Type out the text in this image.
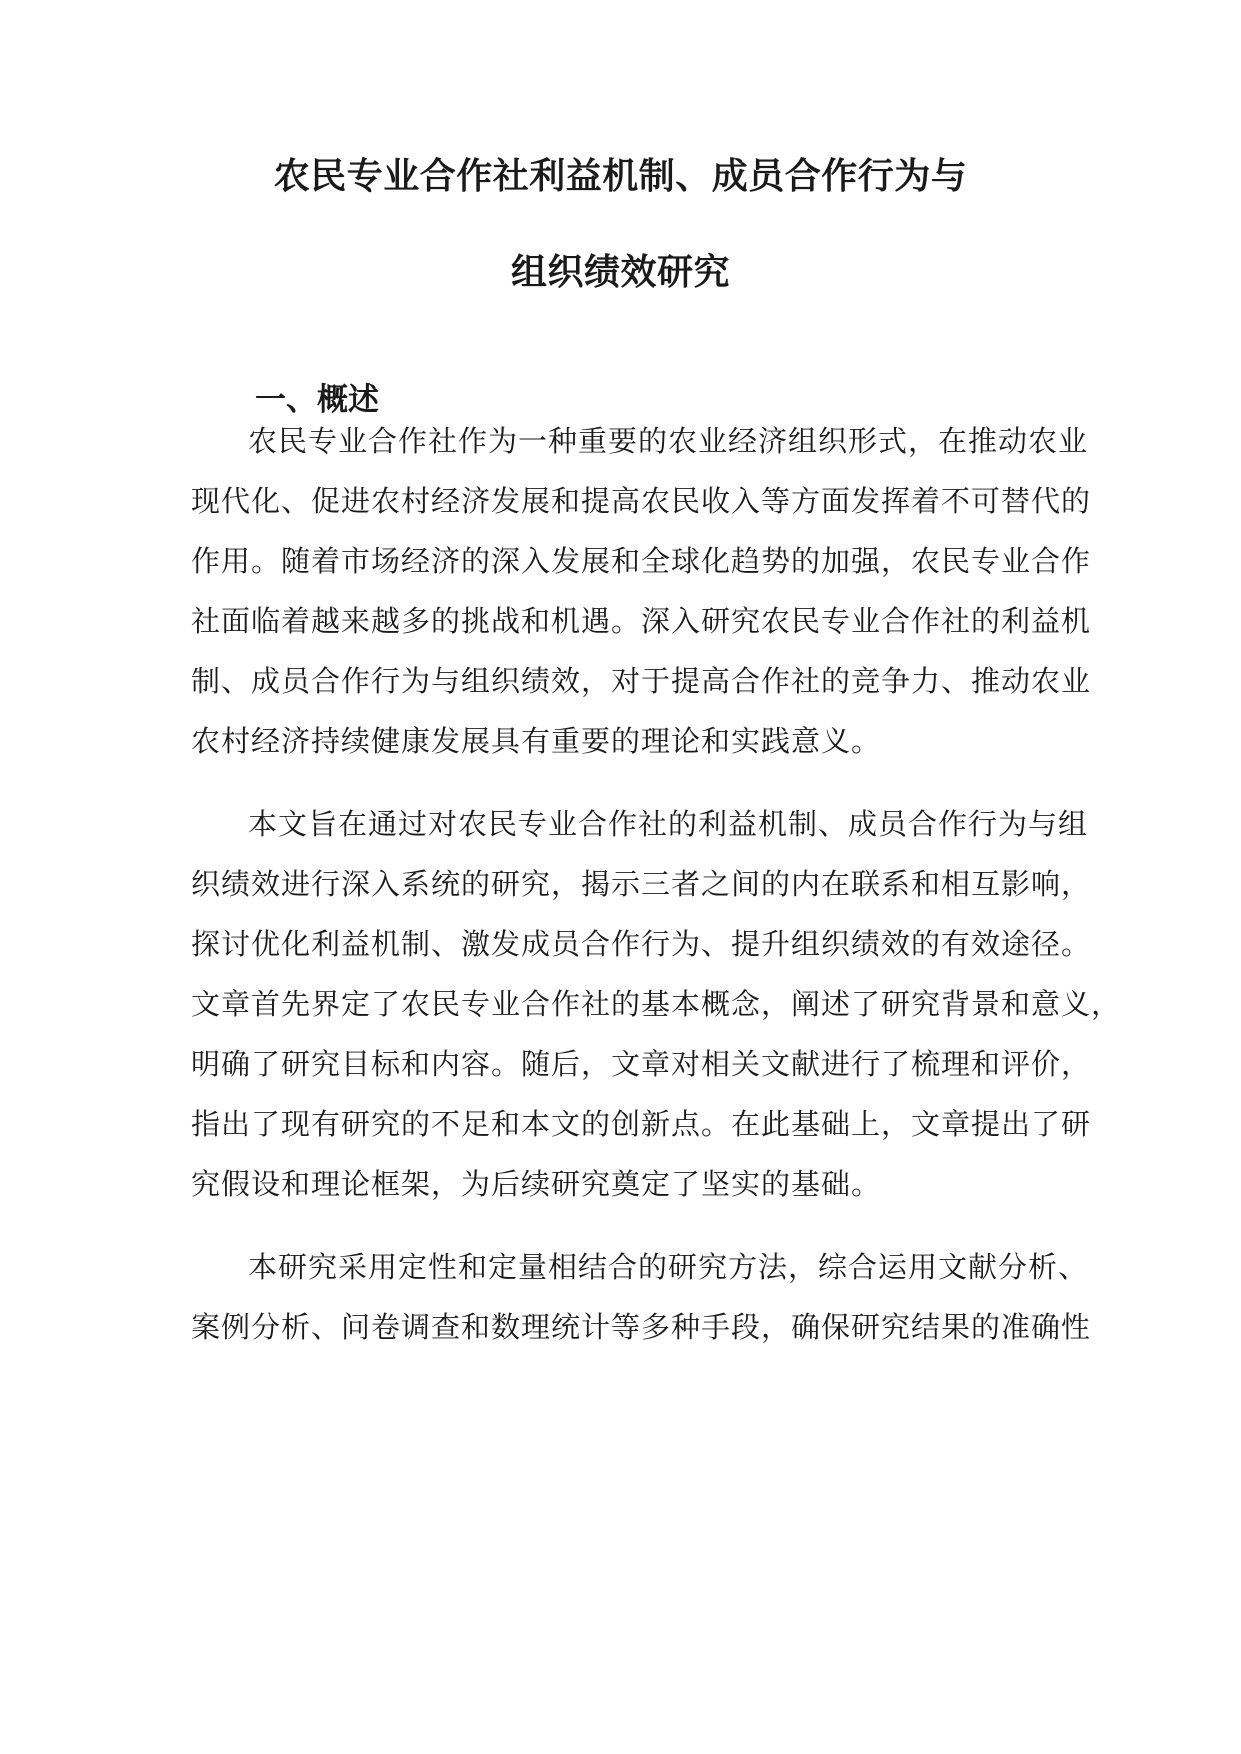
农民专业合作社利益机制、成员合作行为与
组织绩效研究
一、概述
农民专业合作社作为一种重要的农业经济组织形式，在推动农业
现代化、促进农村经济发展和提高农民收入等方面发挥着不可替代的
作用。随着市场经济的深入发展和全球化趋势的加强，农民专业合作
社面临着越来越多的挑战和机遇。深入研究农民专业合作社的利益机
制、成员合作行为与组织绩效，对于提高合作社的竞争力、推动农业
农村经济持续健康发展具有重要的理论和实践意义。
本文旨在通过对农民专业合作社的利益机制、成员合作行为与组
织绩效进行深入系统的研究，揭示三者之间的内在联系和相互影响，
探讨优化利益机制、激发成员合作行为、提升组织绩效的有效途径。
文章首先界定了农民专业合作社的基本概念，阐述了研究背景和意义，
明确了研究目标和内容。随后，文章对相关文献进行了梳理和评价，
指出了现有研究的不足和本文的创新点。在此基础上，文章提出了研
究假设和理论框架，为后续研究奠定了坚实的基础。
本研究采用定性和定量相结合的研究方法，综合运用文献分析、
案例分析、问卷调查和数理统计等多种手段，确保研究结果的准确性
